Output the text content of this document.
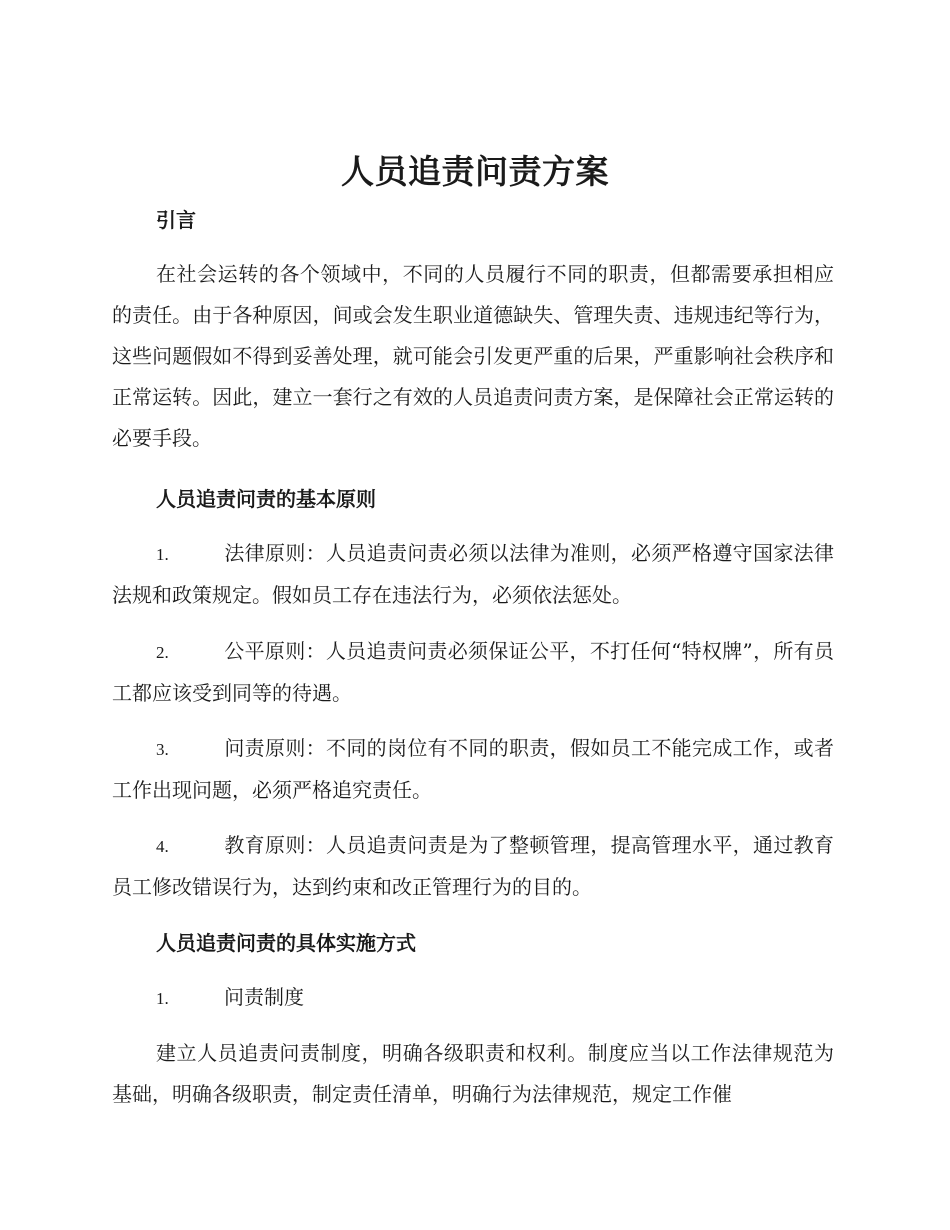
人员追责问责方案
引言

在社会运转的各个领域中，不同的人员履行不同的职责，但都需要承担相应的责任。由于各种原因，间或会发生职业道德缺失、管理失责、违规违纪等行为，这些问题假如不得到妥善处理，就可能会引发更严重的后果，严重影响社会秩序和正常运转。因此，建立一套行之有效的人员追责问责方案，是保障社会正常运转的必要手段。

人员追责问责的基本原则

1.	法律原则：人员追责问责必须以法律为准则，必须严格遵守国家法律法规和政策规定。假如员工存在违法行为，必须依法惩处。

2.	公平原则：人员追责问责必须保证公平，不打任何“特权牌”，所有员工都应该受到同等的待遇。

3.	问责原则：不同的岗位有不同的职责，假如员工不能完成工作，或者工作出现问题，必须严格追究责任。

4.	教育原则：人员追责问责是为了整顿管理，提高管理水平，通过教育员工修改错误行为，达到约束和改正管理行为的目的。

人员追责问责的具体实施方式

1.	问责制度

建立人员追责问责制度，明确各级职责和权利。制度应当以工作法律规范为基础，明确各级职责，制定责任清单，明确行为法律规范，规定工作催
